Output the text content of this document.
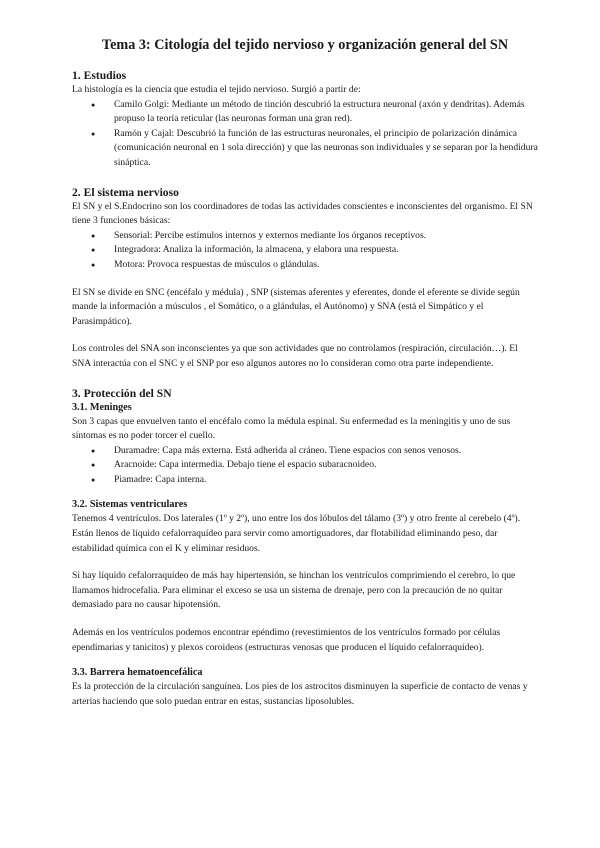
Tema 3: Citología del tejido nervioso y organización general del SN
1. Estudios

La histología es la ciencia que estudia el tejido nervioso. Surgió a partir de:

● Camilo Golgi: Mediante un método de tinción descubrió la estructura neuronal (axón y dendritas). Además propuso la teoría reticular (las neuronas forman una gran red).
● Ramón y Cajal: Descubrió la función de las estructuras neuronales, el principio de polarización dinámica (comunicación neuronal en 1 sola dirección) y que las neuronas son individuales y se separan por la hendidura sináptica.
2. El sistema nervioso

El SN y el S.Endocrino son los coordinadores de todas las actividades conscientes e inconscientes del organismo. El SN tiene 3 funciones básicas:

● Sensorial: Percibe estímulos internos y externos mediante los órganos receptivos.
● Integradora: Analiza la información, la almacena, y elabora una respuesta.
● Motora: Provoca respuestas de músculos o glándulas.

El SN se divide en SNC (encéfalo y médula) , SNP (sistemas aferentes y eferentes, donde el eferente se divide según mande la información a músculos , el Somático, o a glándulas, el Autónomo) y SNA (está el Simpático y el Parasimpático).

Los controles del SNA son inconscientes ya que son actividades que no controlamos (respiración, circulación…). El SNA interactúa con el SNC y el SNP por eso algunos autores no lo consideran como otra parte independiente.

3. Protección del SN
3.1. Meninges

Son 3 capas que envuelven tanto el encéfalo como la médula espinal. Su enfermedad es la meningitis y uno de sus síntomas es no poder torcer el cuello.

● Duramadre: Capa más externa. Está adherida al cráneo. Tiene espacios con senos venosos.
● Aracnoide: Capa intermedia. Debajo tiene el espacio subaracnoideo.
● Piamadre: Capa interna.
3.2. Sistemas ventriculares

Tenemos 4 ventrículos. Dos laterales (1º y 2º), uno entre los dos lóbulos del tálamo (3º) y otro frente al cerebelo (4º). Están llenos de líquido cefalorraquídeo para servir como amortiguadores, dar flotabilidad eliminando peso, dar estabilidad química con el K y eliminar residuos.

Si hay líquido cefalorraquídeo de más hay hipertensión, se hinchan los ventrículos comprimiendo el cerebro, lo que llamamos hidrocefalia. Para eliminar el exceso se usa un sistema de drenaje, pero con la precaución de no quitar demasiado para no causar hipotensión.

Además en los ventrículos podemos encontrar epéndimo (revestimientos de los ventrículos formado por células ependimarias y tanicitos) y plexos coroideos (estructuras venosas que producen el líquido cefalorraquídeo).

3.3. Barrera hematoencefálica

Es la protección de la circulación sanguínea. Los pies de los astrocitos disminuyen la superficie de contacto de venas y arterias haciendo que solo puedan entrar en estas, sustancias liposolubles.
